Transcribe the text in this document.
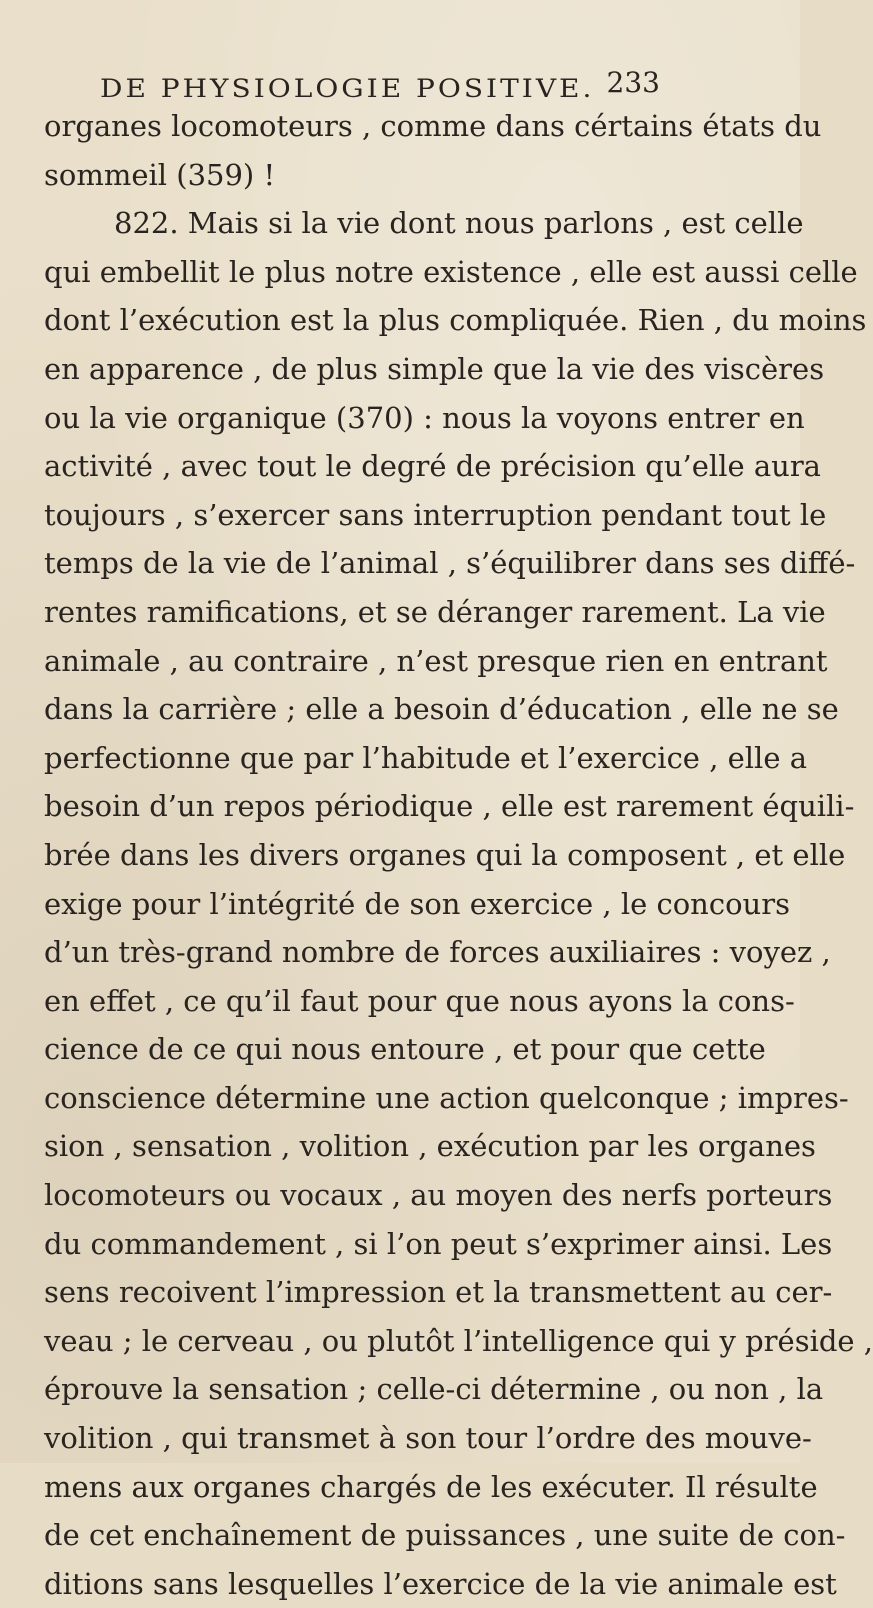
DE PHYSIOLOGIE POSITIVE. 233
organes locomoteurs , comme dans cértains états du
sommeil (359) !
822. Mais si la vie dont nous parlons , est celle
qui embellit le plus notre existence , elle est aussi celle
dont l’exécution est la plus compliquée. Rien , du moins
en apparence , de plus simple que la vie des viscères
ou la vie organique (370) : nous la voyons entrer en
activité , avec tout le degré de précision qu’elle aura
toujours , s’exercer sans interruption pendant tout le
temps de la vie de l’animal , s’équilibrer dans ses diffé-
rentes ramifications, et se déranger rarement. La vie
animale , au contraire , n’est presque rien en entrant
dans la carrière ; elle a besoin d’éducation , elle ne se
perfectionne que par l’habitude et l’exercice , elle a
besoin d’un repos périodique , elle est rarement équili-
brée dans les divers organes qui la composent , et elle
exige pour l’intégrité de son exercice , le concours
d’un très-grand nombre de forces auxiliaires : voyez ,
en effet , ce qu’il faut pour que nous ayons la cons-
cience de ce qui nous entoure , et pour que cette
conscience détermine une action quelconque ; impres-
sion , sensation , volition , exécution par les organes
locomoteurs ou vocaux , au moyen des nerfs porteurs
du commandement , si l’on peut s’exprimer ainsi. Les
sens recoivent l’impression et la transmettent au cer-
veau ; le cerveau , ou plutôt l’intelligence qui y préside ,
éprouve la sensation ; celle-ci détermine , ou non , la
volition , qui transmet à son tour l’ordre des mouve-
mens aux organes chargés de les exécuter. Il résulte
de cet enchaînement de puissances , une suite de con-
ditions sans lesquelles l’exercice de la vie animale est
